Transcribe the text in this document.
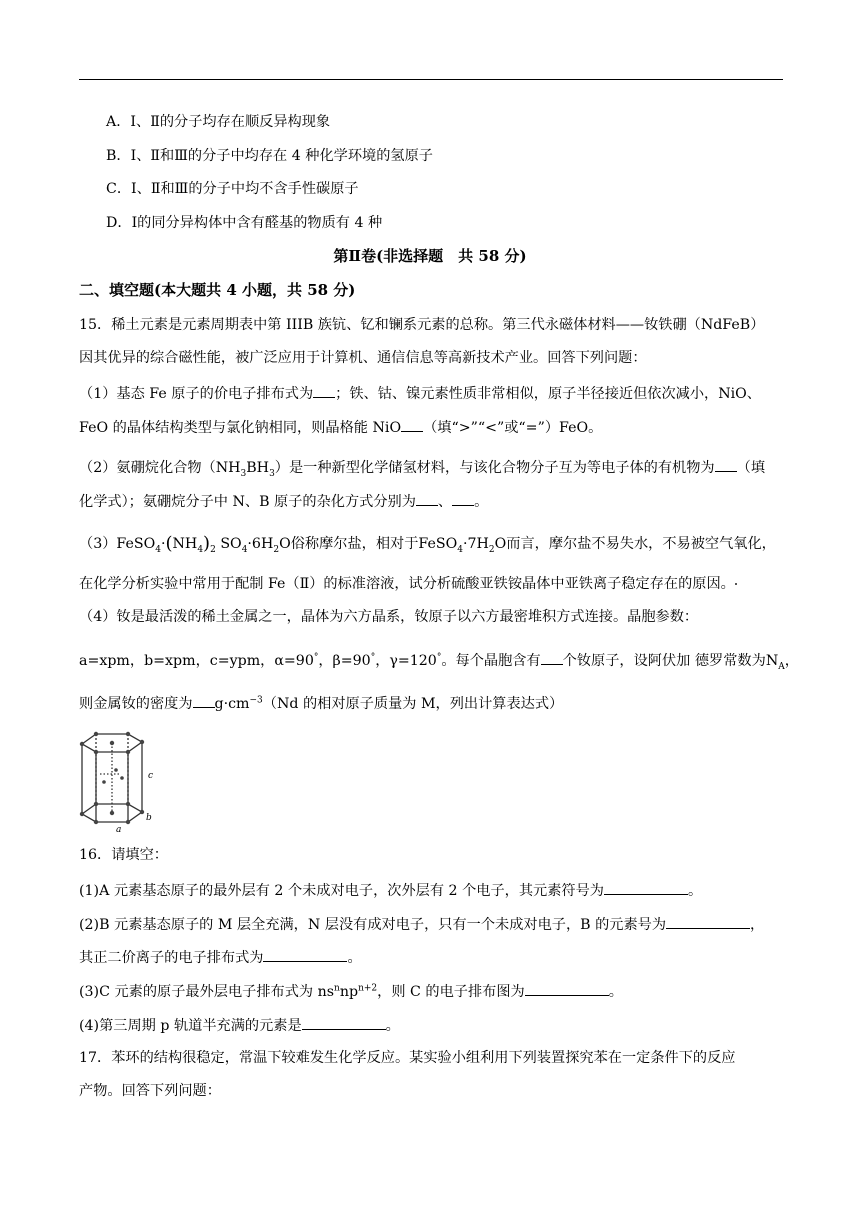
A．Ⅰ、Ⅱ的分子均存在顺反异构现象
B．Ⅰ、Ⅱ和Ⅲ的分子中均存在 4 种化学环境的氢原子
C．Ⅰ、Ⅱ和Ⅲ的分子中均不含手性碳原子
D．Ⅰ的同分异构体中含有醛基的物质有 4 种
第Ⅱ卷(非选择题　共 58 分)
二、填空题(本大题共 4 小题，共 58 分)
15．稀土元素是元素周期表中第 IIIB 族钪、钇和镧系元素的总称。第三代永磁体材料——钕铁硼（NdFeB）
因其优异的综合磁性能，被广泛应用于计算机、通信信息等高新技术产业。回答下列问题：
（1）基态 Fe 原子的价电子排布式为 ；铁、钴、镍元素性质非常相似，原子半径接近但依次减小，NiO、
FeO 的晶体结构类型与氯化钠相同，则晶格能 NiO （填“>”“<”或“=”）FeO。
（2）氨硼烷化合物$(NH_3BH_3)$是一种新型化学储氢材料，与该化合物分子互为等电子体的有机物为 （填
化学式）；氨硼烷分子中 N、B 原子的杂化方式分别为 、 。
$(3)FeSO_4\cdot(NH_4)_2$ $SO_4\cdot 6H_2O$俗称摩尔盐，相对于$FeSO_4\cdot 7H_2O$而言，摩尔盐不易失水，不易被空气氧化，
在化学分析实验中常用于配制 Fe（Ⅱ）的标准溶液，试分析硫酸亚铁铵晶体中亚铁离子稳定存在的原因。
（4）钕是最活泼的稀土金属之一，晶体为六方晶系，钕原子以六方最密堆积方式连接。晶胞参数：
a=xpm，b=xpm，c=ypm，α=90°，β=90°，γ=120°。每个晶胞含有 个钕原子，设阿伏加 德罗常数为$N_A$，
则金属钕的密度为 $g\cdot cm^{-3}(Nd$ 的相对原子质量为 M，列出计算表达式）
c
b
a
16．请填空：
(1)A 元素基态原子的最外层有 2 个未成对电子，次外层有 2 个电子，其元素符号为	。
(2)B 元素基态原子的 M 层全充满，N 层没有成对电子，只有一个未成对电子，B 的元素号为	，
其正二价离子的电子排布式为	。
(3)C 元素的原子最外层电子排布式为 $ns^nnp^{n+2}$，则 C 的电子排布图为	。
(4)第三周期 p 轨道半充满的元素是	。
17．苯环的结构很稳定，常温下较难发生化学反应。某实验小组利用下列装置探究苯在一定条件下的反应
产物。回答下列问题：
